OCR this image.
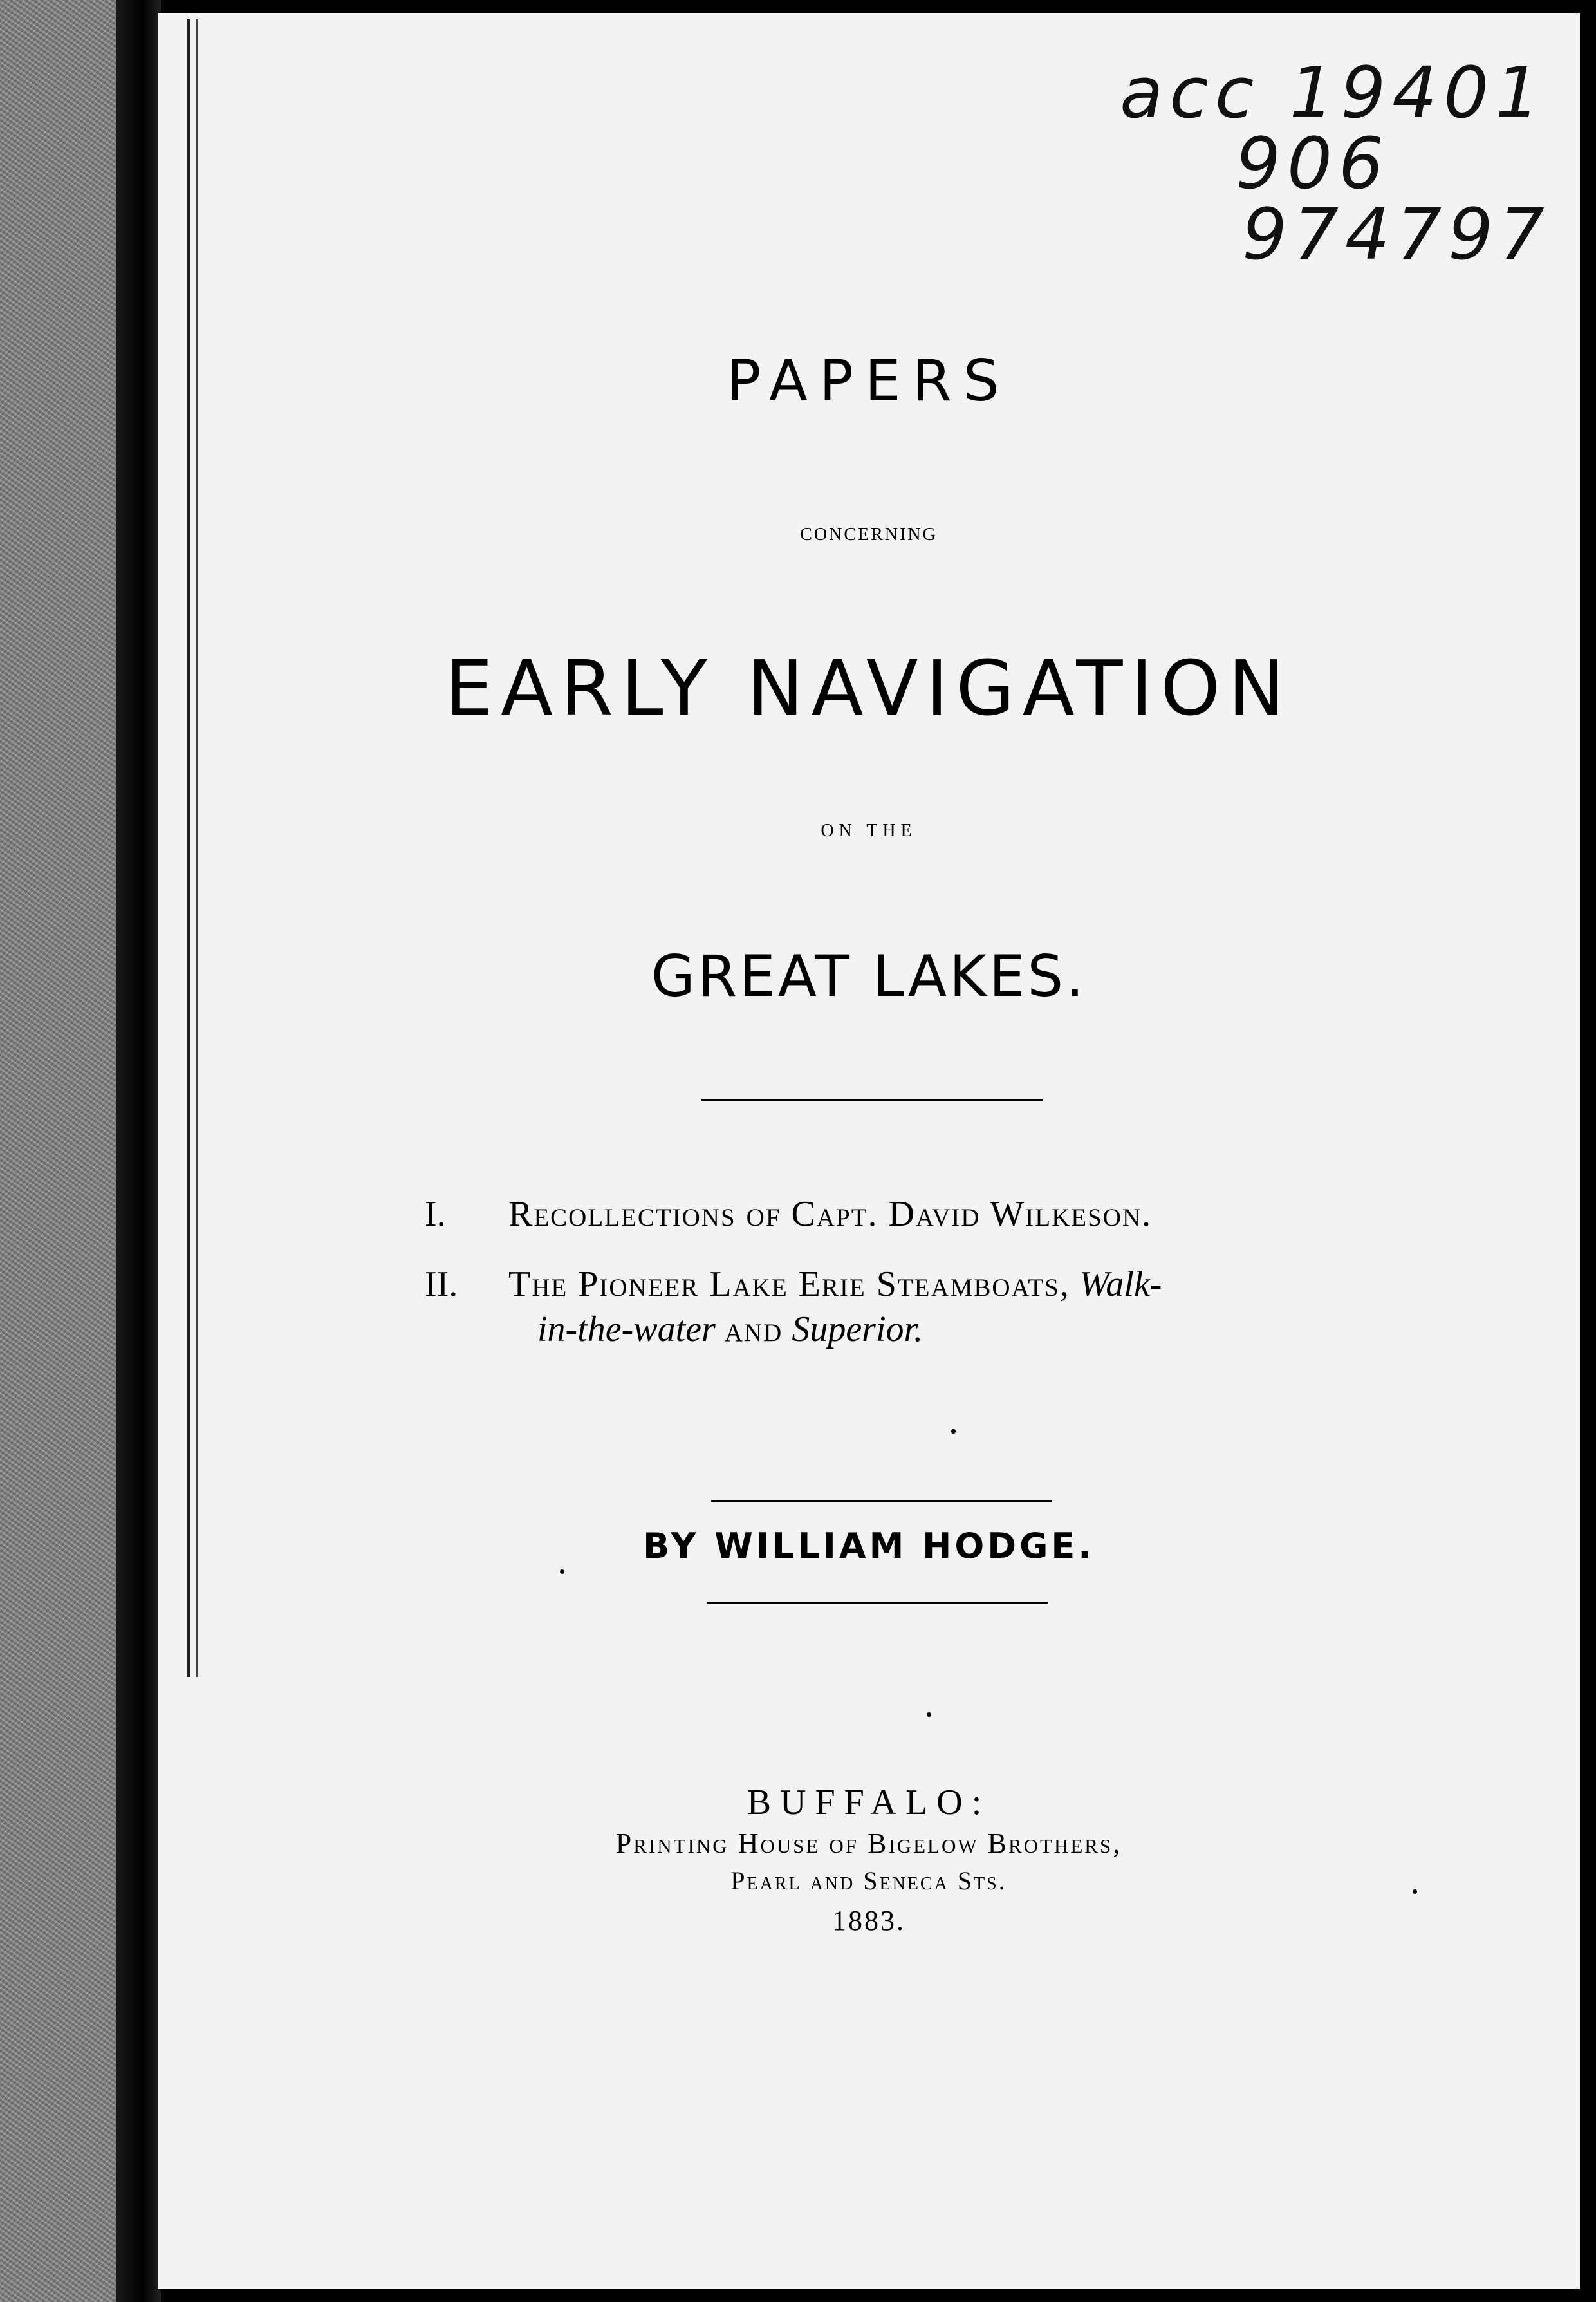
acc 19401
906
974797
PAPERS
CONCERNING
EARLY NAVIGATION
ON THE
GREAT LAKES.
I.	Recollections of Capt. David Wilkeson.
II.	The Pioneer Lake Erie Steamboats, Walk-
in-the-water and Superior.
BY WILLIAM HODGE.
BUFFALO:
Printing House of Bigelow Brothers,
Pearl and Seneca Sts.
1883.
